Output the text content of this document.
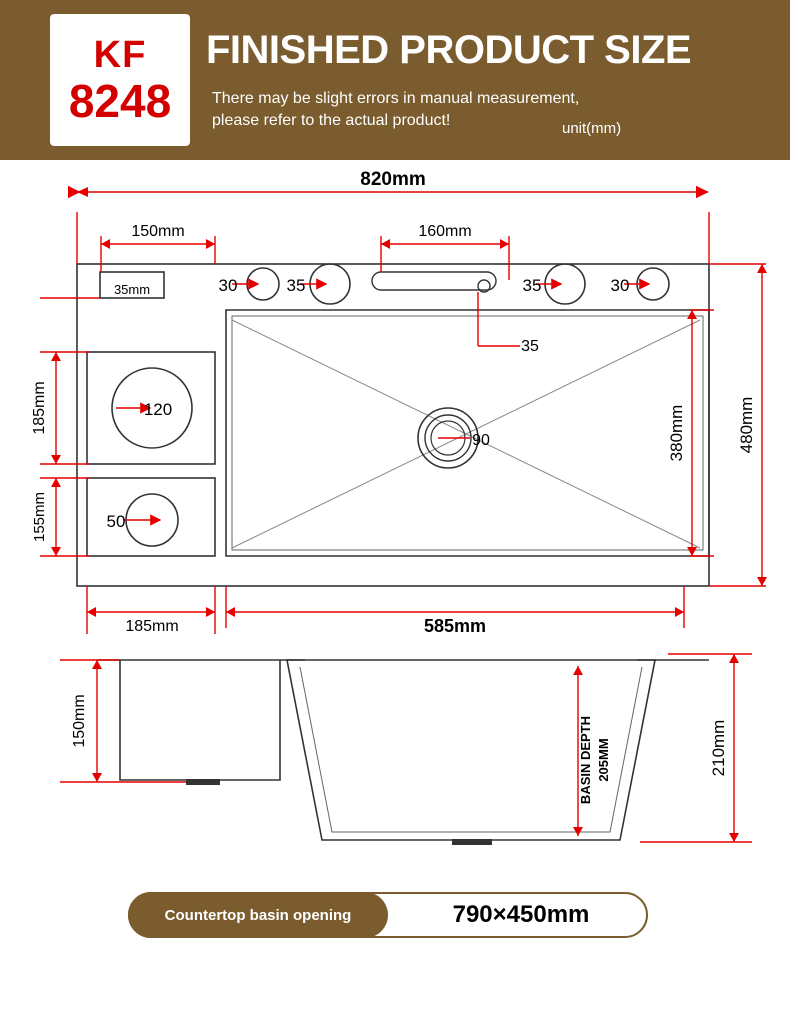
KF
8248
FINISHED PRODUCT SIZE
There may be slight errors in manual measurement,
please refer to the actual product!	unit(mm)
820mm
150mm	160mm
35mm	30	35	35	30
35
120
50
90
185mm
155mm
380mm	480mm
185mm	585mm
150mm	BASIN DEPTH 205MM	210mm
Countertop basin opening	790×450mm
